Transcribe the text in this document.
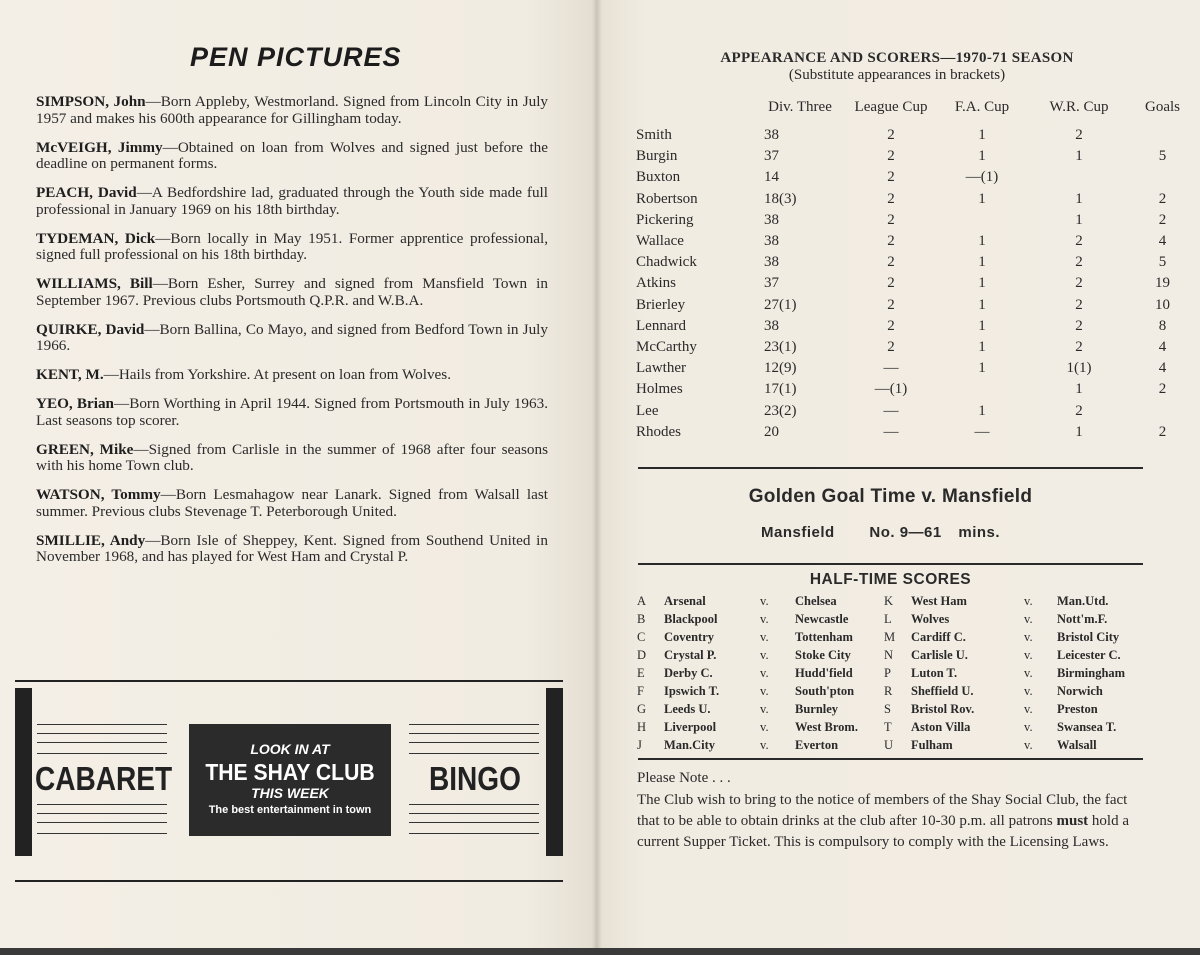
PEN PICTURES
SIMPSON, John—Born Appleby, Westmorland. Signed from Lincoln City in July 1957 and makes his 600th appearance for Gillingham today.
McVEIGH, Jimmy—Obtained on loan from Wolves and signed just before the deadline on permanent forms.
PEACH, David—A Bedfordshire lad, graduated through the Youth side made full professional in January 1969 on his 18th birthday.
TYDEMAN, Dick—Born locally in May 1951. Former apprentice professional, signed full professional on his 18th birthday.
WILLIAMS, Bill—Born Esher, Surrey and signed from Mansfield Town in September 1967. Previous clubs Portsmouth Q.P.R. and W.B.A.
QUIRKE, David—Born Ballina, Co Mayo, and signed from Bedford Town in July 1966.
KENT, M.—Hails from Yorkshire. At present on loan from Wolves.
YEO, Brian—Born Worthing in April 1944. Signed from Portsmouth in July 1963. Last seasons top scorer.
GREEN, Mike—Signed from Carlisle in the summer of 1968 after four seasons with his home Town club.
WATSON, Tommy—Born Lesmahagow near Lanark. Signed from Walsall last summer. Previous clubs Stevenage T. Peterborough United.
SMILLIE, Andy—Born Isle of Sheppey, Kent. Signed from Southend United in November 1968, and has played for West Ham and Crystal P.
CABARET
LOOK IN AT
THE SHAY CLUB
THIS WEEK
The best entertainment in town
BINGO
APPEARANCE AND SCORERS—1970-71 SEASON
(Substitute appearances in brackets)
	Div. Three	League Cup	F.A. Cup	W.R. Cup	Goals
Smith	38	2	1	2	
Burgin	37	2	1	1	5
Buxton	14	2	—(1)		
Robertson	18(3)	2	1	1	2
Pickering	38	2		1	2
Wallace	38	2	1	2	4
Chadwick	38	2	1	2	5
Atkins	37	2	1	2	19
Brierley	27(1)	2	1	2	10
Lennard	38	2	1	2	8
McCarthy	23(1)	2	1	2	4
Lawther	12(9)	—	1	1(1)	4
Holmes	17(1)	—(1)		1	2
Lee	23(2)	—	1	2	
Rhodes	20	—	—	1	2
Golden Goal Time v. Mansfield
Mansfield No. 9—61 mins.
HALF-TIME SCORES
A Arsenal	v. Chelsea
B Blackpool	v. Newcastle
C Coventry	v. Tottenham
D Crystal P.	v. Stoke City
E Derby C.	v. Hudd'field
F Ipswich T.	v. South'pton
G Leeds U.	v. Burnley
H Liverpool	v. West Brom.
J Man.City	v. Everton
K West Ham	v. Man.Utd.
L Wolves	v. Nott'm.F.
M Cardiff C.	v. Bristol City
N Carlisle U.	v. Leicester C.
P Luton T.	v. Birmingham
R Sheffield U.	v. Norwich
S Bristol Rov.	v. Preston
T Aston Villa	v. Swansea T.
U Fulham	v. Walsall
Please Note . . .
The Club wish to bring to the notice of members of the Shay Social Club, the fact that to be able to obtain drinks at the club after 10-30 p.m. all patrons must hold a current Supper Ticket. This is compulsory to comply with the Licensing Laws.
